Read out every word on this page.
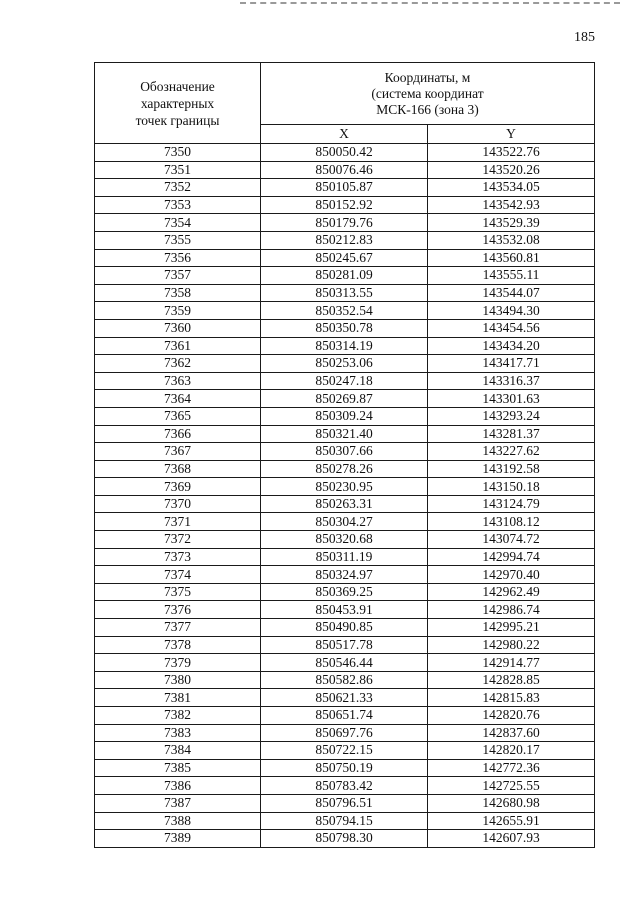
185
Обозначение
характерных
точек границы	Координаты, м
(система координат
МСК-166 (зона 3)	

	X	Y
7350	850050.42	143522.76
7351	850076.46	143520.26
7352	850105.87	143534.05
7353	850152.92	143542.93
7354	850179.76	143529.39
7355	850212.83	143532.08
7356	850245.67	143560.81
7357	850281.09	143555.11
7358	850313.55	143544.07
7359	850352.54	143494.30
7360	850350.78	143454.56
7361	850314.19	143434.20
7362	850253.06	143417.71
7363	850247.18	143316.37
7364	850269.87	143301.63
7365	850309.24	143293.24
7366	850321.40	143281.37
7367	850307.66	143227.62
7368	850278.26	143192.58
7369	850230.95	143150.18
7370	850263.31	143124.79
7371	850304.27	143108.12
7372	850320.68	143074.72
7373	850311.19	142994.74
7374	850324.97	142970.40
7375	850369.25	142962.49
7376	850453.91	142986.74
7377	850490.85	142995.21
7378	850517.78	142980.22
7379	850546.44	142914.77
7380	850582.86	142828.85
7381	850621.33	142815.83
7382	850651.74	142820.76
7383	850697.76	142837.60
7384	850722.15	142820.17
7385	850750.19	142772.36
7386	850783.42	142725.55
7387	850796.51	142680.98
7388	850794.15	142655.91
7389	850798.30	142607.93
